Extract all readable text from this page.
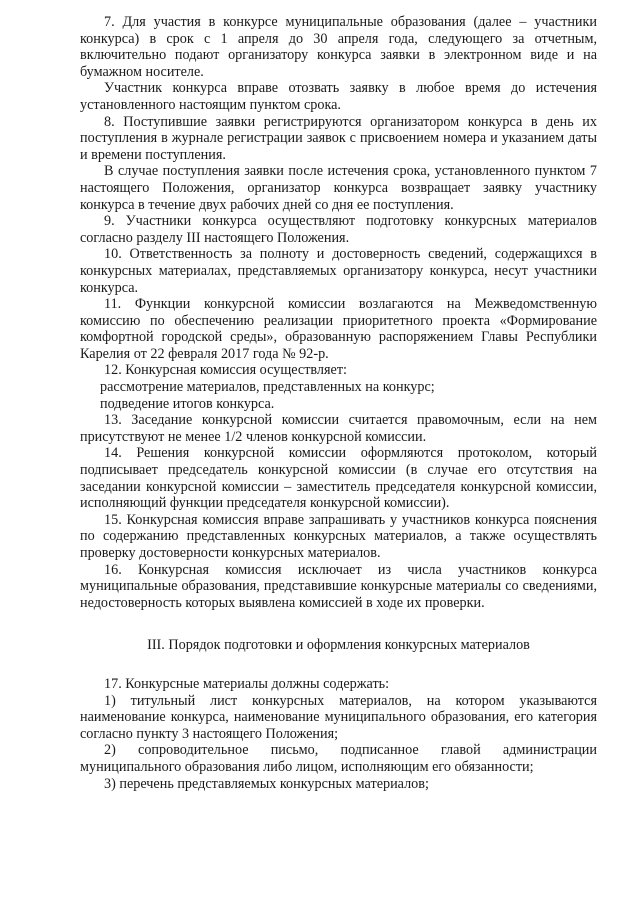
7. Для участия в конкурсе муниципальные образования (далее – участники конкурса) в срок с 1 апреля до 30 апреля года, следующего за отчетным, включительно подают организатору конкурса заявки в электронном виде и на бумажном носителе.

Участник конкурса вправе отозвать заявку в любое время до истечения установленного настоящим пунктом срока.

8. Поступившие заявки регистрируются организатором конкурса в день их поступления в журнале регистрации заявок с присвоением номера и указанием даты и времени поступления.

В случае поступления заявки после истечения срока, установленного пунктом 7 настоящего Положения, организатор конкурса возвращает заявку участнику конкурса в течение двух рабочих дней со дня ее поступления.

9. Участники конкурса осуществляют подготовку конкурсных материалов согласно разделу III настоящего Положения.

10. Ответственность за полноту и достоверность сведений, содержащихся в конкурсных материалах, представляемых организатору конкурса, несут участники конкурса.

11. Функции конкурсной комиссии возлагаются на Межведомственную комиссию по обеспечению реализации приоритетного проекта «Формирование комфортной городской среды», образованную распоряжением Главы Республики Карелия от 22 февраля 2017 года № 92-р.

12. Конкурсная комиссия осуществляет:

рассмотрение материалов, представленных на конкурс;

подведение итогов конкурса.

13. Заседание конкурсной комиссии считается правомочным, если на нем присутствуют не менее 1/2 членов конкурсной комиссии.

14. Решения конкурсной комиссии оформляются протоколом, который подписывает председатель конкурсной комиссии (в случае его отсутствия на заседании конкурсной комиссии – заместитель председателя конкурсной комиссии, исполняющий функции председателя конкурсной комиссии).

15. Конкурсная комиссия вправе запрашивать у участников конкурса пояснения по содержанию представленных конкурсных материалов, а также осуществлять проверку достоверности конкурсных материалов.

16. Конкурсная комиссия исключает из числа участников конкурса муниципальные образования, представившие конкурсные материалы со сведениями, недостоверность которых выявлена комиссией в ходе их проверки.

III. Порядок подготовки и оформления конкурсных материалов

17. Конкурсные материалы должны содержать:

1) титульный лист конкурсных материалов, на котором указываются наименование конкурса, наименование муниципального образования, его категория согласно пункту 3 настоящего Положения;

2) сопроводительное письмо, подписанное главой администрации муниципального образования либо лицом, исполняющим его обязанности;

3) перечень представляемых конкурсных материалов;
